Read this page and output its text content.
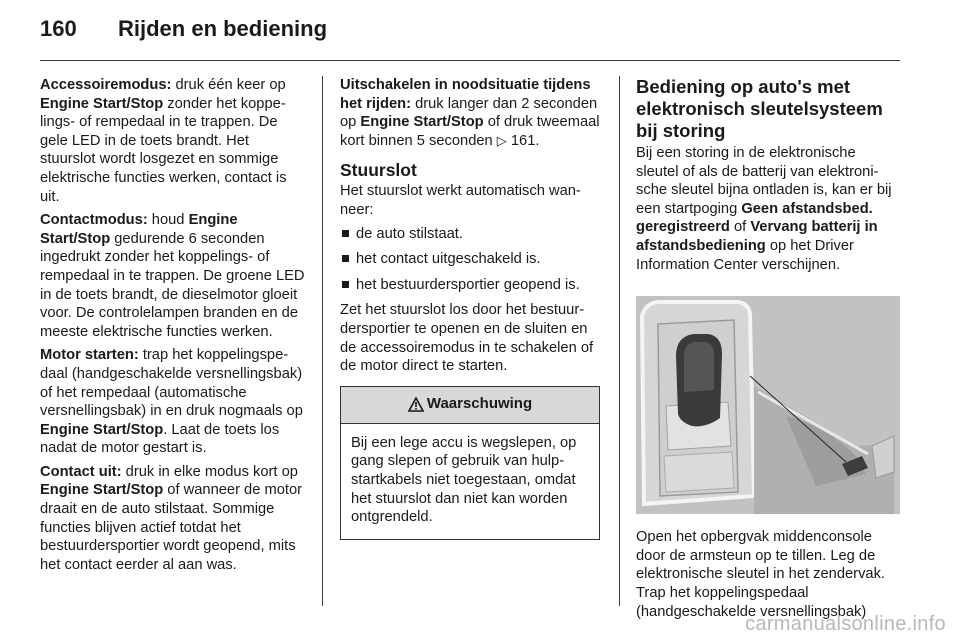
160 Rijden en bediening

Accessoiremodus: druk één keer op Engine Start/Stop zonder het koppelings- of rempedaal in te trappen. De gele LED in de toets brandt. Het stuurslot wordt losgezet en sommige elektrische functies werken, contact is uit.

Contactmodus: houd Engine Start/Stop gedurende 6 seconden ingedrukt zonder het koppelings- of rempedaal in te trappen. De groene LED in de toets brandt, de dieselmotor gloeit voor. De controlelampen branden en de meeste elektrische functies werken.

Motor starten: trap het koppelingspedaal (handgeschakelde versnellingsbak) of het rempedaal (automatische versnellingsbak) in en druk nogmaals op Engine Start/Stop. Laat de toets los nadat de motor gestart is.

Contact uit: druk in elke modus kort op Engine Start/Stop of wanneer de motor draait en de auto stilstaat. Sommige functies blijven actief totdat het bestuurdersportier wordt geopend, mits het contact eerder al aan was.

Uitschakelen in noodsituatie tijdens het rijden: druk langer dan 2 seconden op Engine Start/Stop of druk tweemaal kort binnen 5 seconden ▷ 161.

Stuurslot

Het stuurslot werkt automatisch wanneer:

de auto stilstaat.
het contact uitgeschakeld is.
het bestuurdersportier geopend is.

Zet het stuurslot los door het bestuurdersportier te openen en de sluiten en de accessoiremodus in te schakelen of de motor direct te starten.

Waarschuwing
Bij een lege accu is wegslepen, op gang slepen of gebruik van hulpstartkabels niet toegestaan, omdat het stuurslot dan niet kan worden ontgrendeld.
Bediening op auto's met elektronisch sleutelsysteem bij storing

Bij een storing in de elektronische sleutel of als de batterij van elektronische sleutel bijna ontladen is, kan er bij een startpoging Geen afstandsbed. geregistreerd of Vervang batterij in afstandsbediening op het Driver Information Center verschijnen.

Open het opbergvak middenconsole door de armsteun op te tillen. Leg de elektronische sleutel in het zendervak. Trap het koppelingspedaal (handgeschakelde versnellingsbak)

carmanualsonline.info
